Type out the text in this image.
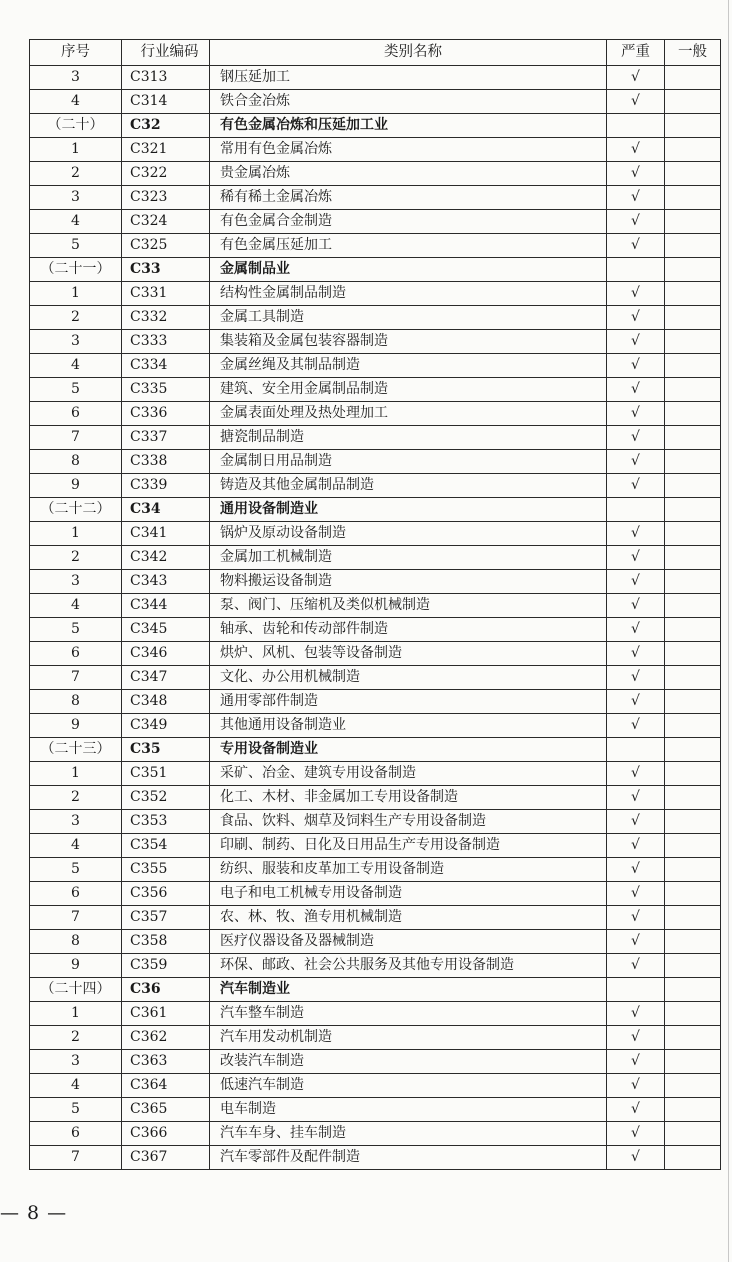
序号	行业编码	类别名称	严重	一般
3	C313	钢压延加工	√	
4	C314	铁合金冶炼	√	
（二十）	C32	有色金属冶炼和压延加工业		
1	C321	常用有色金属冶炼	√	
2	C322	贵金属冶炼	√	
3	C323	稀有稀土金属冶炼	√	
4	C324	有色金属合金制造	√	
5	C325	有色金属压延加工	√	
（二十一）	C33	金属制品业		
1	C331	结构性金属制品制造	√	
2	C332	金属工具制造	√	
3	C333	集装箱及金属包装容器制造	√	
4	C334	金属丝绳及其制品制造	√	
5	C335	建筑、安全用金属制品制造	√	
6	C336	金属表面处理及热处理加工	√	
7	C337	搪瓷制品制造	√	
8	C338	金属制日用品制造	√	
9	C339	铸造及其他金属制品制造	√	
（二十二）	C34	通用设备制造业		
1	C341	锅炉及原动设备制造	√	
2	C342	金属加工机械制造	√	
3	C343	物料搬运设备制造	√	
4	C344	泵、阀门、压缩机及类似机械制造	√	
5	C345	轴承、齿轮和传动部件制造	√	
6	C346	烘炉、风机、包装等设备制造	√	
7	C347	文化、办公用机械制造	√	
8	C348	通用零部件制造	√	
9	C349	其他通用设备制造业	√	
（二十三）	C35	专用设备制造业		
1	C351	采矿、冶金、建筑专用设备制造	√	
2	C352	化工、木材、非金属加工专用设备制造	√	
3	C353	食品、饮料、烟草及饲料生产专用设备制造	√	
4	C354	印刷、制药、日化及日用品生产专用设备制造	√	
5	C355	纺织、服装和皮革加工专用设备制造	√	
6	C356	电子和电工机械专用设备制造	√	
7	C357	农、林、牧、渔专用机械制造	√	
8	C358	医疗仪器设备及器械制造	√	
9	C359	环保、邮政、社会公共服务及其他专用设备制造	√	
（二十四）	C36	汽车制造业		
1	C361	汽车整车制造	√	
2	C362	汽车用发动机制造	√	
3	C363	改装汽车制造	√	
4	C364	低速汽车制造	√	
5	C365	电车制造	√	
6	C366	汽车车身、挂车制造	√	
7	C367	汽车零部件及配件制造	√	
— 8 —
